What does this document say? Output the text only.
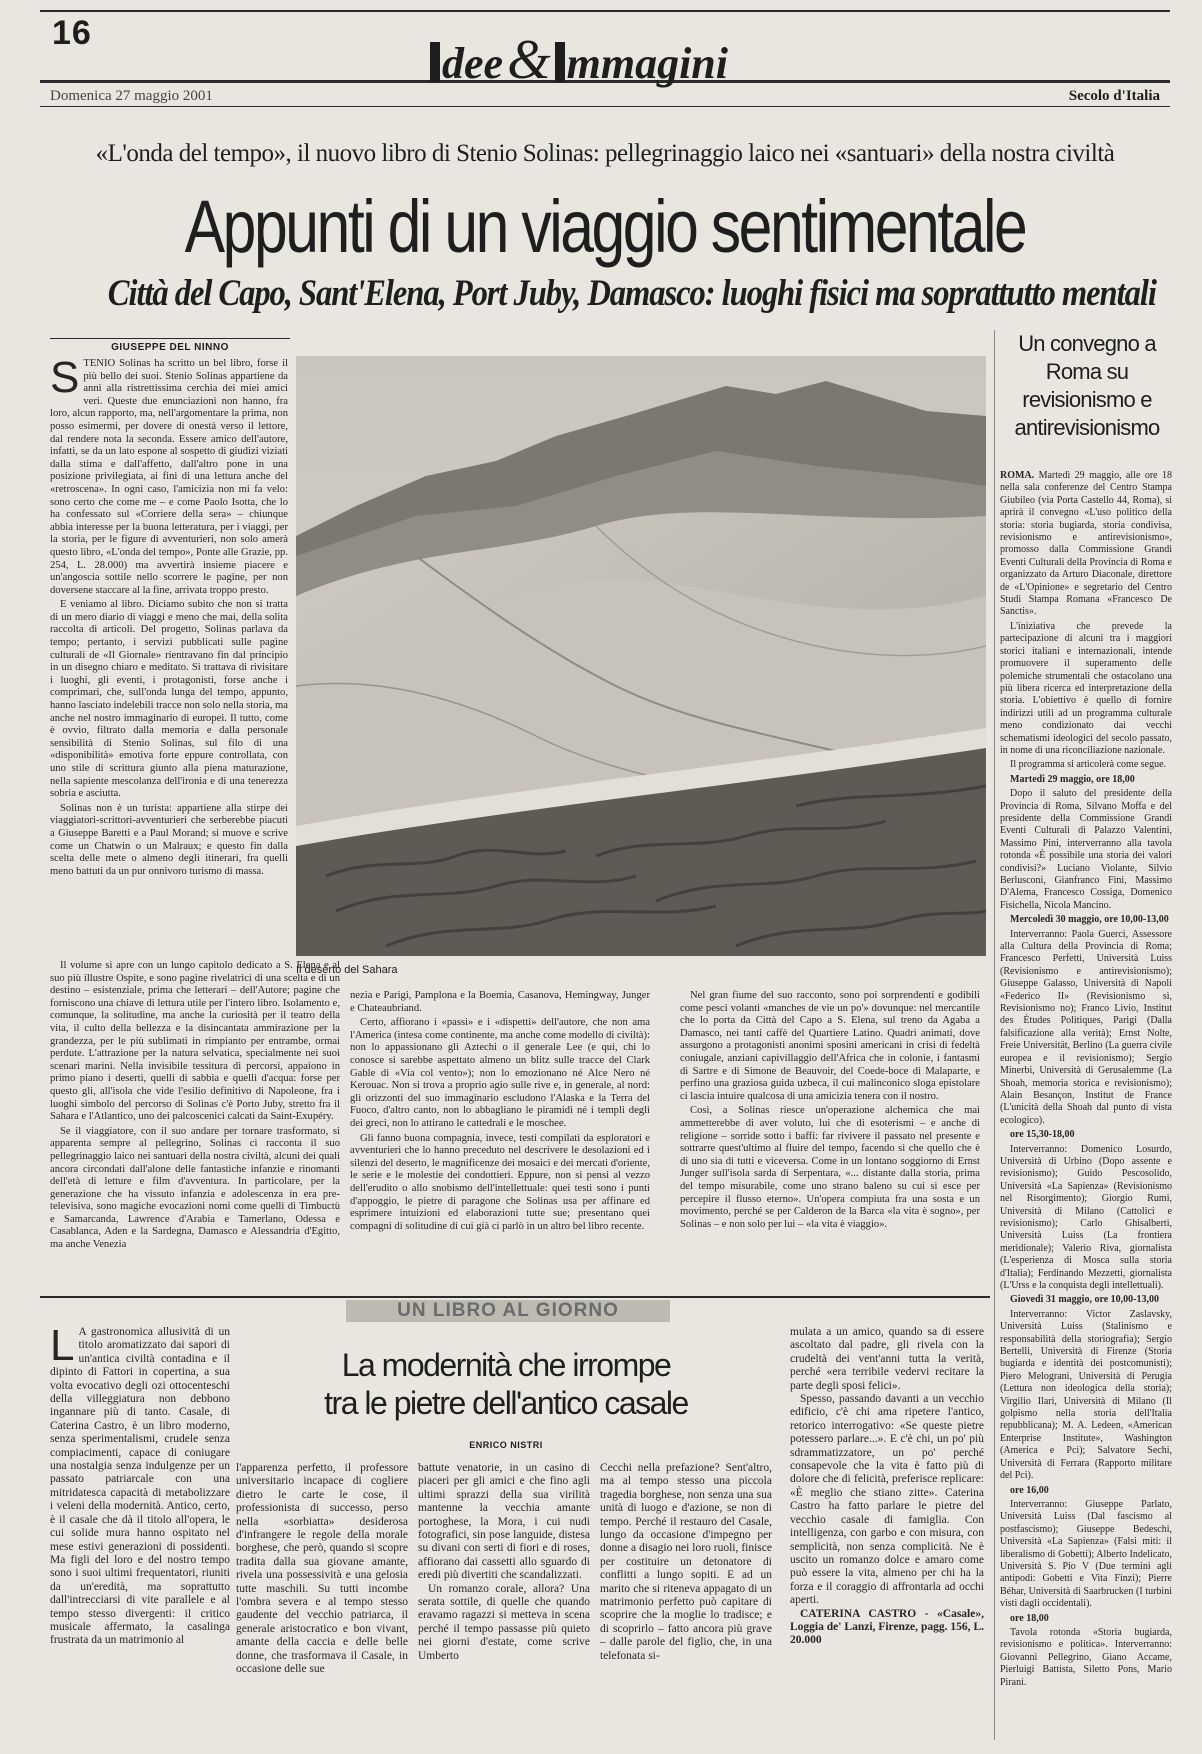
16
dee& mmagini
Domenica 27 maggio 2001	Secolo d'Italia
«L'onda del tempo», il nuovo libro di Stenio Solinas: pellegrinaggio laico nei «santuari» della nostra civiltà
Appunti di un viaggio sentimentale
Città del Capo, Sant'Elena, Port Juby, Damasco: luoghi fisici ma soprattutto mentali
GIUSEPPE DEL NINNO

STENIO Solinas ha scritto un bel libro, forse il più bello dei suoi. Stenio Solinas appartiene da anni alla ristrettissima cerchia dei miei amici veri. Queste due enunciazioni non hanno, fra loro, alcun rapporto, ma, nell'argomentare la prima, non posso esimermi, per dovere di onestà verso il lettore, dal rendere nota la seconda. Essere amico dell'autore, infatti, se da un lato espone al sospetto di giudizi viziati dalla stima e dall'affetto, dall'altro pone in una posizione privilegiata, ai fini di una lettura anche del «retroscena». In ogni caso, l'amicizia non mi fa velo: sono certo che come me – e come Paolo Isotta, che lo ha confessato sul «Corriere della sera» – chiunque abbia interesse per la buona letteratura, per i viaggi, per la storia, per le figure di avventurieri, non solo amerà questo libro, «L'onda del tempo», Ponte alle Grazie, pp. 254, L. 28.000) ma avvertirà insieme piacere e un'angoscia sottile nello scorrere le pagine, per non doversene staccare al la fine, arrivata troppo presto.

E veniamo al libro. Diciamo subito che non si tratta di un mero diario di viaggi e meno che mai, della solita raccolta di articoli. Del progetto, Solinas parlava da tempo; pertanto, i servizi pubblicati sulle pagine culturali de «Il Giornale» rientravano fin dal principio in un disegno chiaro e meditato. Si trattava di rivisitare i luoghi, gli eventi, i protagonisti, forse anche i comprimari, che, sull'onda lunga del tempo, appunto, hanno lasciato indelebili tracce non solo nella storia, ma anche nel nostro immaginario di europei. Il tutto, come è ovvio, filtrato dalla memoria e dalla personale sensibilità di Stenio Solinas, sul filo di una «disponibilità» emotiva forte eppure controllata, con uno stile di scrittura giunto alla piena maturazione, nella sapiente mescolanza dell'ironia e di una tenerezza sobria e asciutta.

Solinas non è un turista: appartiene alla stirpe dei viaggiatori-scrittori-avventurieri che serberebbe piacuti a Giuseppe Baretti e a Paul Morand; si muove e scrive come un Chatwin o un Malraux; e questo fin dalla scelta delle mete o almeno degli itinerari, fra quelli meno battuti da un pur onnivoro turismo di massa.

Il deserto del Sahara

Il volume si apre con un lungo capitolo dedicato a S. Elena e al suo più illustre Ospite, e sono pagine rivelatrici di una scelta e di un destino – esistenziale, prima che letterari – dell'Autore; pagine che forniscono una chiave di lettura utile per l'intero libro. Isolamento e, comunque, la solitudine, ma anche la curiosità per il teatro della vita, il culto della bellezza e la disincantata ammirazione per la grandezza, per le più sublimati in rimpianto per entrambe, ormai perdute. L'attrazione per la natura selvatica, specialmente nei suoi scenari marini. Nella invisibile tessitura di percorsi, appaiono in primo piano i deserti, quelli di sabbia e quelli d'acqua: forse per questo gli, all'isola che vide l'esilio definitivo di Napoleone, fra i luoghi simbolo del percorso di Solinas c'è Porto Juby, stretto fra il Sahara e l'Atlantico, uno dei palcoscenici calcati da Saint-Exupéry.

Se il viaggiatore, con il suo andare per tornare trasformato, si apparenta sempre al pellegrino, Solinas ci racconta il suo pellegrinaggio laico nei santuari della nostra civiltà, alcuni dei quali ancora circondati dall'alone delle fantastiche infanzie e rinomanti dell'età di letture e film d'avventura. In particolare, per la generazione che ha vissuto infanzia e adolescenza in era pre-televisiva, sono magiche evocazioni nomi come quelli di Timbuctù e Samarcanda, Lawrence d'Arabia e Tamerlano, Odessa e Casablanca, Aden e la Sardegna, Damasco e Alessandria d'Egitto, ma anche Venezia

nezia e Parigi, Pamplona e la Boemia, Casanova, Hemingway, Junger e Chateaubriand.

Certo, affiorano i «passi» e i «dispetti» dell'autore, che non ama l'America (intesa come continente, ma anche come modello di civiltà): non lo appassionano gli Aztechi o il generale Lee (e qui, chi lo conosce si sarebbe aspettato almeno un blitz sulle tracce del Clark Gable di «Via col vento»); non lo emozionano né Alce Nero né Kerouac. Non si trova a proprio agio sulle rive e, in generale, al nord: gli orizzonti del suo immaginario escludono l'Alaska e la Terra del Fuoco, d'altro canto, non lo abbagliano le piramidi né i templi degli dei greci, non lo attirano le cattedrali e le moschee.

Gli fanno buona compagnia, invece, testi compilati da esploratori e avventurieri che lo hanno preceduto nel descrivere le desolazioni ed i silenzi del deserto, le magnificenze dei mosaici e dei mercati d'oriente, le serie e le molestie dei condottieri. Eppure, non si pensi al vezzo dell'erudito o allo snobismo dell'intellettuale: quei testi sono i punti d'appoggio, le pietre di paragone che Solinas usa per affinare ed esprimere intuizioni ed elaborazioni tutte sue; presentano quei compagni di solitudine di cui già ci parlò in un altro bel libro recente.

Nel gran fiume del suo racconto, sono poi sorprendenti e godibili come pesci volanti «manches de vie un po'» dovunque: nel mercantile che lo porta da Città del Capo a S. Elena, sul treno da Agaba a Damasco, nei tanti caffè del Quartiere Latino. Quadri animati, dove assurgono a protagonisti anonimi sposini americani in crisi di fedeltà coniugale, anziani capivillaggio dell'Africa che in colonie, i fantasmi di Sartre e di Simone de Beauvoir, del Coede-boce di Malaparte, e perfino una graziosa guida uzbeca, il cui malinconico sloga epistolare ci lascia intuire qualcosa di una amicizia tenera con il nostro.

Così, a Solinas riesce un'operazione alchemica che mai ammetterebbe di aver voluto, lui che di esoterismi – e anche di religione – sorride sotto i baffi: far rivivere il passato nel presente e sottrarre quest'ultimo al fluire del tempo, facendo sì che quello che è di uno sia di tutti e viceversa. Come in un lontano soggiorno di Ernst Junger sull'isola sarda di Serpentara, «... distante dalla storia, prima del tempo misurabile, come uno strano baleno su cui si esce per percepire il flusso eterno». Un'opera compiuta fra una sosta e un movimento, perché se per Calderon de la Barca «la vita è sogno», per Solinas – e non solo per lui – «la vita è viaggio».

Un convegno a Roma su revisionismo e antirevisionismo

ROMA. Martedì 29 maggio, alle ore 18 nella sala conferenze del Centro Stampa Giubileo (via Porta Castello 44, Roma), si aprirà il convegno «L'uso politico della storia: storia bugiarda, storia condivisa, revisionismo e antirevisionismo», promosso dalla Commissione Grandi Eventi Culturali della Provincia di Roma e organizzato da Arturo Diaconale, direttore de «L'Opinione» e segretario del Centro Studi Stampa Romana «Francesco De Sanctis».

L'iniziativa che prevede la partecipazione di alcuni tra i maggiori storici italiani e internazionali, intende promuovere il superamento delle polemiche strumentali che ostacolano una più libera ricerca ed interpretazione della storia. L'obiettivo è quello di fornire indirizzi utili ad un programma culturale meno condizionato dai vecchi schematismi ideologici del secolo passato, in nome di una riconciliazione nazionale.

Il programma si articolerà come segue.

Martedì 29 maggio, ore 18,00

Dopo il saluto del presidente della Provincia di Roma, Silvano Moffa e del presidente della Commissione Grandi Eventi Culturali di Palazzo Valentini, Massimo Pini, interverranno alla tavola rotonda «È possibile una storia dei valori condivisi?» Luciano Violante, Silvio Berlusconi, Gianfranco Fini, Massimo D'Alema, Francesco Cossiga, Domenico Fisichella, Nicola Mancino.

Mercoledì 30 maggio, ore 10,00-13,00

Interverranno: Paola Guerci, Assessore alla Cultura della Provincia di Roma; Francesco Perfetti, Università Luiss (Revisionismo e antirevisionismo); Giuseppe Galasso, Università di Napoli «Federico II» (Revisionismo sì, Revisionismo no); Franco Livio, Institut des Études Politiques, Parigi (Dalla falsificazione alla verità); Ernst Nolte, Freie Universität, Berlino (La guerra civile europea e il revisionismo); Sergio Minerbi, Università di Gerusalemme (La Shoah, memoria storica e revisionismo); Alain Besançon, Institut de France (L'unicità della Shoah dal punto di vista ecologico).

ore 15,30-18,00

Interverranno: Domenico Losurdo, Università di Urbino (Dopo assente e revisionismo); Guido Pescosolido, Università «La Sapienza» (Revisionismo nel Risorgimento); Giorgio Rumi, Università di Milano (Cattolici e revisionismo); Carlo Ghisalberti, Università Luiss (La frontiera meridionale); Valerio Riva, giornalista (L'esperienza di Mosca sulla storia d'Italia); Ferdinando Mezzetti, giornalista (L'Urss e la conquista degli intellettuali).

Giovedì 31 maggio, ore 10,00-13,00

Interverranno: Victor Zaslavsky, Università Luiss (Stalinismo e responsabilità della storiografia); Sergio Bertelli, Università di Firenze (Storia bugiarda e identità dei postcomunisti); Piero Melograni, Università di Perugia (Lettura non ideologica della storia); Virgilio Ilari, Università di Milano (Il golpismo nella storia dell'Italia repubblicana); M. A. Ledeen, «American Enterprise Institute», Washington (America e Pci); Salvatore Sechi, Università di Ferrara (Rapporto militare del Pci).

ore 16,00

Interverranno: Giuseppe Parlato, Università Luiss (Dal fascismo al postfascismo); Giuseppe Bedeschi, Università «La Sapienza» (Falsi miti: il liberalismo di Gobetti); Alberto Indelicato, Università S. Pio V (Due termini agli antipodi: Gobetti e Vita Finzi); Pierre Béhar, Università di Saarbrucken (I turbini visti dagli occidentali).

ore 18,00

Tavola rotonda «Storia bugiarda, revisionismo e politica». Interverranno: Giovanni Pellegrino, Giano Accame, Pierluigi Battista, Siletto Pons, Mario Pirani.

UN LIBRO AL GIORNO
La modernità che irrompe
tra le pietre dell'antico casale
ENRICO NISTRI

L A gastronomica allusività di un titolo aromatizzato dai sapori di un'antica civiltà contadina e il dipinto di Fattori in copertina, a sua volta evocativo degli ozi ottocenteschi della villeggiatura non debbono ingannare più di tanto. Casale, di Caterina Castro, è un libro moderno, senza sperimentalismi, crudele senza compiacimenti, capace di coniugare una nostalgia senza indulgenze per un passato patriarcale con una mitridatesca capacità di metabolizzare i veleni della modernità. Antico, certo, è il casale che dà il titolo all'opera, le cui solide mura hanno ospitato nel mese estivi generazioni di possidenti. Ma figli del loro e del nostro tempo sono i suoi ultimi frequentatori, riuniti da un'eredità, ma soprattutto dall'intrecciarsi di vite parallele e al tempo stesso divergenti: il critico musicale affermato, la casalinga frustrata da un matrimonio al

l'apparenza perfetto, il professore universitario incapace di cogliere dietro le carte le cose, il professionista di successo, perso nella «sorbiatta» desiderosa d'infrangere le regole della morale borghese, che però, quando si scopre tradita dalla sua giovane amante, rivela una possessività e una gelosia tutte maschili. Su tutti incombe l'ombra severa e al tempo stesso gaudente del vecchio patriarca, il generale aristocratico e bon vivant, amante della caccia e delle belle donne, che trasformava il Casale, in occasione delle sue

battute venatorie, in un casino di piaceri per gli amici e che fino agli ultimi sprazzi della sua virilità mantenne la vecchia amante portoghese, la Mora, i cui nudi fotografici, sin pose languide, distesa su divani con serti di fiori e di roses, affiorano dai cassetti allo sguardo di eredi più divertiti che scandalizzati.

Un romanzo corale, allora? Una serata sottile, di quelle che quando eravamo ragazzi si metteva in scena perché il tempo passasse più quieto nei giorni d'estate, come scrive Umberto

Cecchi nella prefazione? Sent'altro, ma al tempo stesso una piccola tragedia borghese, non senza una sua unità di luogo e d'azione, se non di tempo. Perché il restauro del Casale, lungo da occasione d'impegno per donne a disagio nei loro ruoli, finisce per costituire un detonatore di conflitti a lungo sopiti. E ad un marito che si riteneva appagato di un matrimonio perfetto può capitare di scoprire che la moglie lo tradisce; e di scoprirlo – fatto ancora più grave – dalle parole del figlio, che, in una telefonata si-

mulata a un amico, quando sa di essere ascoltato dal padre, gli rivela con la crudeltà dei vent'anni tutta la verità, perché «era terribile vedervi recitare la parte degli sposi felici».

Spesso, passando davanti a un vecchio edificio, c'è chi ama ripetere l'antico, retorico interrogativo: «Se queste pietre potessero parlare...». E c'è chi, un po' più sdrammatizzatore, un po' perché consapevole che la vita è fatto più di dolore che di felicità, preferisce replicare: «È meglio che stiano zitte». Caterina Castro ha fatto parlare le pietre del vecchio casale di famiglia. Con intelligenza, con garbo e con misura, con semplicità, non senza complicità. Ne è uscito un romanzo dolce e amaro come può essere la vita, almeno per chi ha la forza e il coraggio di affrontarla ad occhi aperti.

CATERINA CASTRO - «Casale», Loggia de' Lanzi, Firenze, pagg. 156, L. 20.000
